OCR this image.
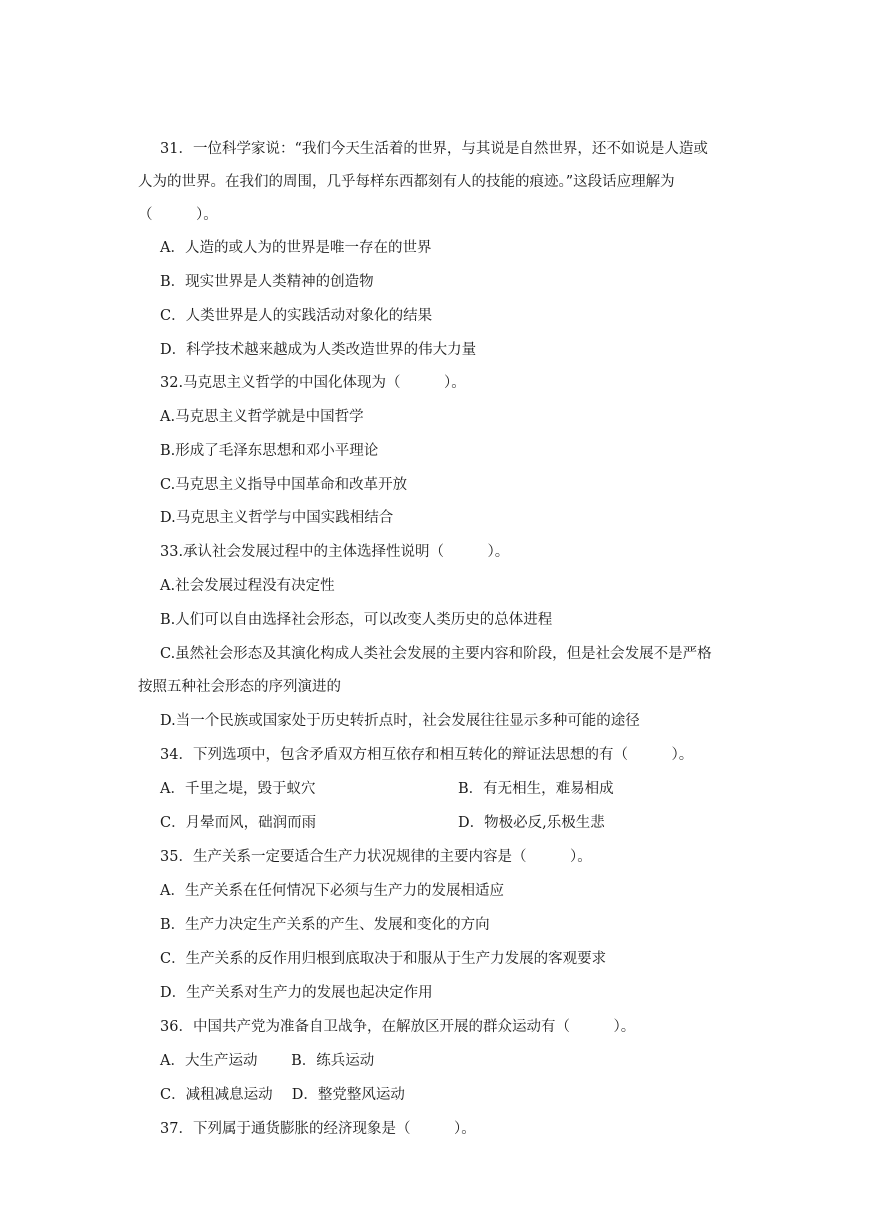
31．一位科学家说：“我们今天生活着的世界，与其说是自然世界，还不如说是人造或
人为的世界。在我们的周围，几乎每样东西都刻有人的技能的痕迹。”这段话应理解为
（　　　）。
A．人造的或人为的世界是唯一存在的世界
B．现实世界是人类精神的创造物
C．人类世界是人的实践活动对象化的结果
D．科学技术越来越成为人类改造世界的伟大力量
32.马克思主义哲学的中国化体现为（　　　）。
A.马克思主义哲学就是中国哲学
B.形成了毛泽东思想和邓小平理论
C.马克思主义指导中国革命和改革开放
D.马克思主义哲学与中国实践相结合
33.承认社会发展过程中的主体选择性说明（　　　）。
A.社会发展过程没有决定性
B.人们可以自由选择社会形态，可以改变人类历史的总体进程
C.虽然社会形态及其演化构成人类社会发展的主要内容和阶段，但是社会发展不是严格
按照五种社会形态的序列演进的
D.当一个民族或国家处于历史转折点时，社会发展往往显示多种可能的途径
34．下列选项中，包含矛盾双方相互依存和相互转化的辩证法思想的有（　　　）。
A．千里之堤，毁于蚁穴	B．有无相生，难易相成
C．月晕而风，础润而雨	D．物极必反,乐极生悲
35．生产关系一定要适合生产力状况规律的主要内容是（　　　）。
A．生产关系在任何情况下必须与生产力的发展相适应
B．生产力决定生产关系的产生、发展和变化的方向
C．生产关系的反作用归根到底取决于和服从于生产力发展的客观要求
D．生产关系对生产力的发展也起决定作用
36．中国共产党为准备自卫战争，在解放区开展的群众运动有（　　　）。
A．大生产运动　　 B．练兵运动
C．减租减息运动　 D．整党整风运动
37．下列属于通货膨胀的经济现象是（　　　）。
